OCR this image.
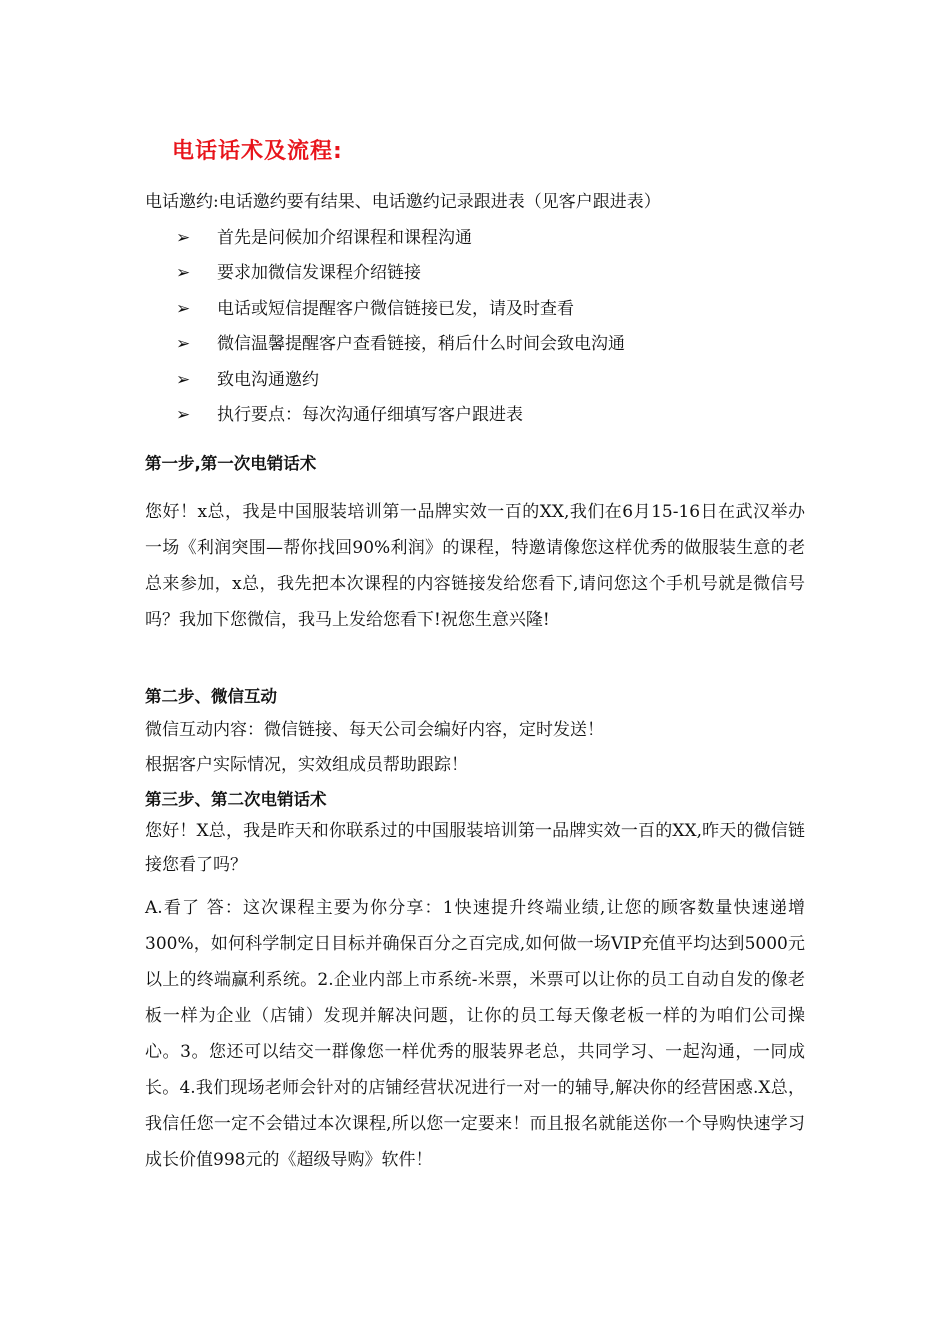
电话话术及流程:
电话邀约:电话邀约要有结果、电话邀约记录跟进表（见客户跟进表）
➢ 首先是问候加介绍课程和课程沟通
➢ 要求加微信发课程介绍链接
➢ 电话或短信提醒客户微信链接已发，请及时查看
➢ 微信温馨提醒客户查看链接，稍后什么时间会致电沟通
➢ 致电沟通邀约
➢ 执行要点：每次沟通仔细填写客户跟进表
第一步,第一次电销话术
您好！x总，我是中国服装培训第一品牌实效一百的XX,我们在6月15-16日在武汉举办一场《利润突围—帮你找回90%利润》的课程，特邀请像您这样优秀的做服装生意的老总来参加，x总，我先把本次课程的内容链接发给您看下,请问您这个手机号就是微信号吗？我加下您微信，我马上发给您看下!祝您生意兴隆!
第二步、微信互动
微信互动内容：微信链接、每天公司会编好内容，定时发送！
根据客户实际情况，实效组成员帮助跟踪！
第三步、第二次电销话术
您好！X总，我是昨天和你联系过的中国服装培训第一品牌实效一百的XX,昨天的微信链接您看了吗？
A.看了 答：这次课程主要为你分享：1快速提升终端业绩,让您的顾客数量快速递增300%，如何科学制定日目标并确保百分之百完成,如何做一场VIP充值平均达到5000元以上的终端赢利系统。2.企业内部上市系统-米票，米票可以让你的员工自动自发的像老板一样为企业（店铺）发现并解决问题，让你的员工每天像老板一样的为咱们公司操心。3。您还可以结交一群像您一样优秀的服装界老总，共同学习、一起沟通，一同成长。4.我们现场老师会针对的店铺经营状况进行一对一的辅导,解决你的经营困惑.X总，我信任您一定不会错过本次课程,所以您一定要来！而且报名就能送你一个导购快速学习成长价值998元的《超级导购》软件！
